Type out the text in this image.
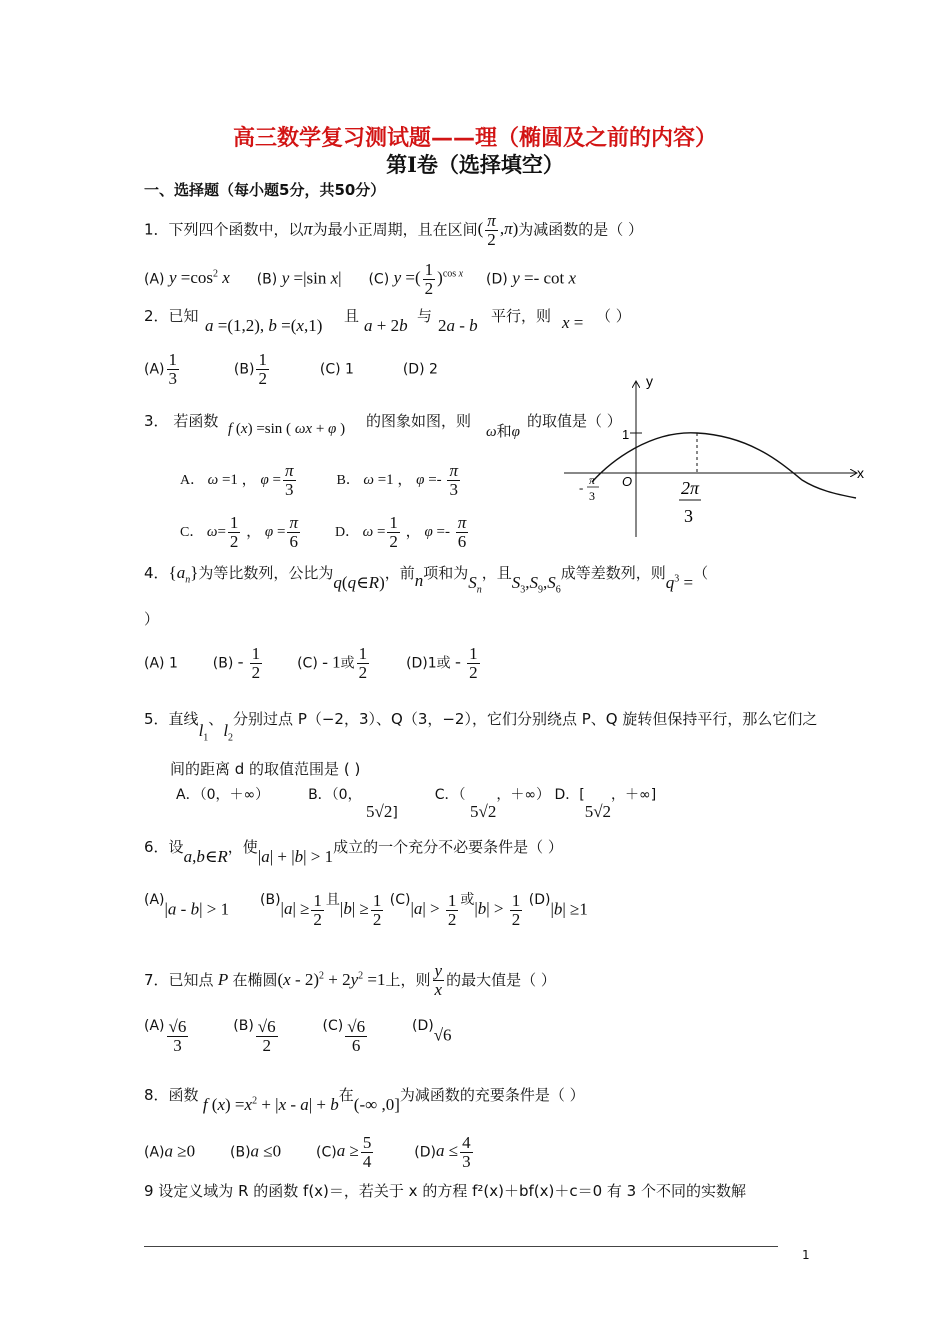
高三数学复习测试题——理（椭圆及之前的内容）
第Ⅰ卷（选择填空）
一、选择题（每小题5分，共50分）
1．下列四个函数中，以π为最小正周期，且在区间( $\frac{\pi}{2} ,\pi$)为减函数的是（ ）
(A) $y =\cos^2$ x (B) y =|sin x| (C) y =( $\frac{1}{2} )^{cos x}$ (D) y =- cot x
2．已知 a =(1,2), b =(x,1) 且 a + 2b 与 2a - b 平行，则 x = （ ）
$(A) \frac{1}{3}$	$(B) \frac{1}{2}$	(C) 1	(D) 2
3． 若函数 f (x) =sin ( ωx + φ ) 的图象如图，则
ω和φ
的取值是（ ）
A． ω =1 ， $\varphi = \frac{\pi}{3}$	B． ω =1 ， $\varphi =- \frac{\pi}{3}$
C． $\omega= \frac{1}{2}$ ， $\varphi = \frac{\pi}{6}$	D． $\omega = \frac{1}{2}$ ， $\varphi =- \frac{\pi}{6}$
y
x
1
O
- π
3	2π
3
4．$\{a_n\}$为等比数列，公比为q(q∈R)，前n项和为$S_n$，且$S_3,S_9,S_6$成等差数列，则$q^3$ =（
）
(A) 1 $(B) - \frac{1}{2} (C) - 1$或 $\frac{1}{2}$	(D)1或 - $\frac{1}{2}$
5．直线$l_1$、$l_2$分别过点 P（−2，3）、Q（3，−2），它们分别绕点 P、Q 旋转但保持平行，那么它们之
间的距离 d 的取值范围是 ( )
A．（0，＋∞）	B．（0， 5√2]  C．（ 5√2，＋∞） D．[5√2，＋∞]
6．设a,b∈R，使|a| + |b| > 1成立的一个充分不必要条件是（ ）
(A)|a - b| > 1 $(B)|a| \ge \frac{1}{2}$ 且$|b| \ge \frac{1}{2} (C)|a| > \frac{1}{2}$ 或$|b| > \frac{1}{2} (D)|b| \ge 1$
7．已知点 P 在椭圆$(x - 2)^2 + 2y^2 =1$上，则 $\frac{y}{x}$ 的最大值是（ ）
$(A) \frac{√6}{3}$	$(B) \frac{√6}{2}$	$(C) \frac{√6}{6}$	(D)√6
8．函数 f $(x) =x^2 + |x - a| + b$在(-∞ ,0]为减函数的充要条件是（ ）
(A)a ≥0 (B)a ≤0 $(C)a \ge \frac{5}{4}$	$(D)a \le \frac{4}{3}$
9 设定义域为 R 的函数 f(x)＝，若关于 x 的方程 f²(x)＋bf(x)＋c＝0 有 3 个不同的实数解
1
